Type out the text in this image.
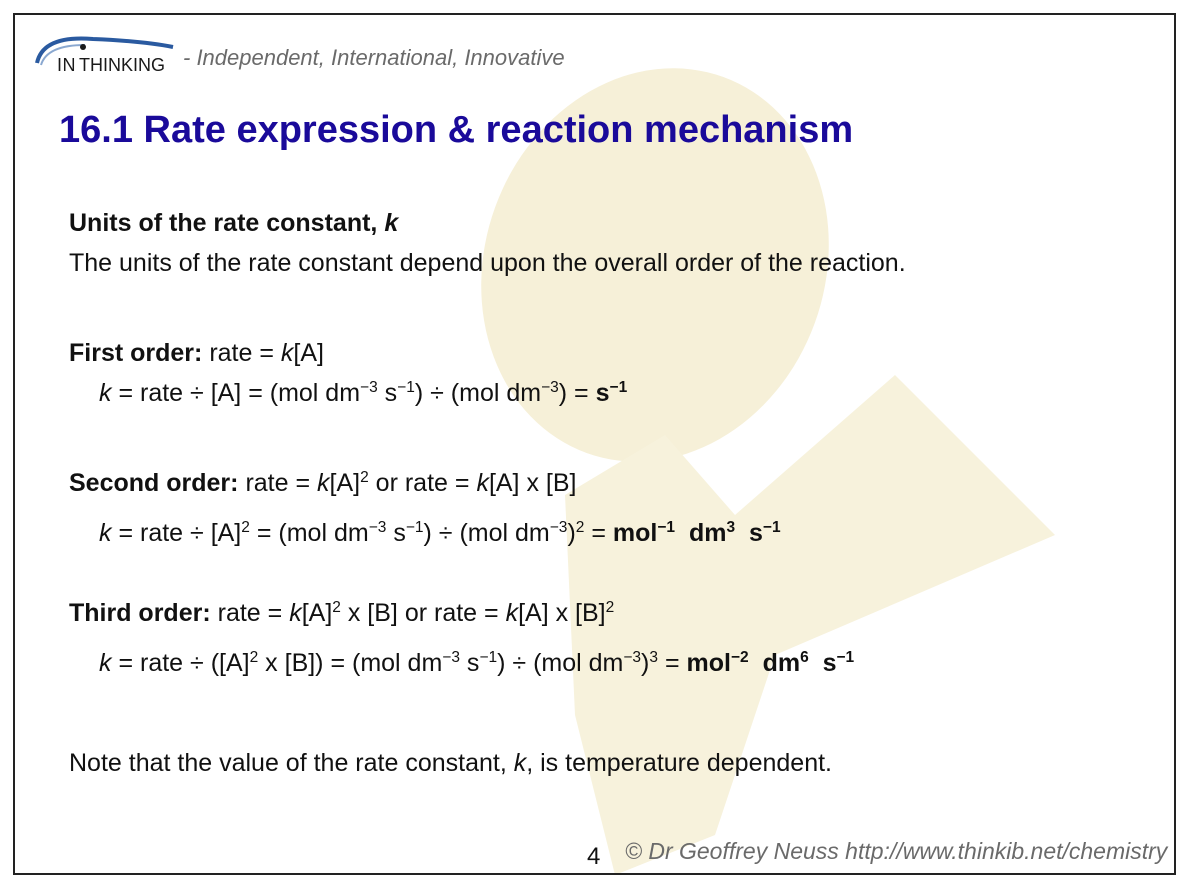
IN THINKING - Independent, International, Innovative
16.1 Rate expression & reaction mechanism
Units of the rate constant, k
The units of the rate constant depend upon the overall order of the reaction.
First order: rate = k[A]
k = rate ÷ [A] = (mol $dm^{-3}$ $s^{-1}) \div (mol$ $dm^{-3}) = s^{-1}$
Second order: rate = $k[A]^2$ or rate = k[A] x [B]
k = rate ÷ $[A]^2 = (mol$ $dm^{-3}$ $s^{-1}) \div (mol$ $dm^{-3})^2 = mol^{-1}$ $dm^3$ $s^{-1}$
Third order: rate = $k[A]^2$ x [B] or rate = k[A] x $[B]^2$
k = rate ÷ ($[A]^2$ x [B]) = (mol $dm^{-3}$ $s^{-1}) \div (mol$ $dm^{-3})^3 = mol^{-2}$ $dm^6$ $s^{-1}$
Note that the value of the rate constant, k, is temperature dependent.
4 © Dr Geoffrey Neuss http://www.thinkib.net/chemistry
